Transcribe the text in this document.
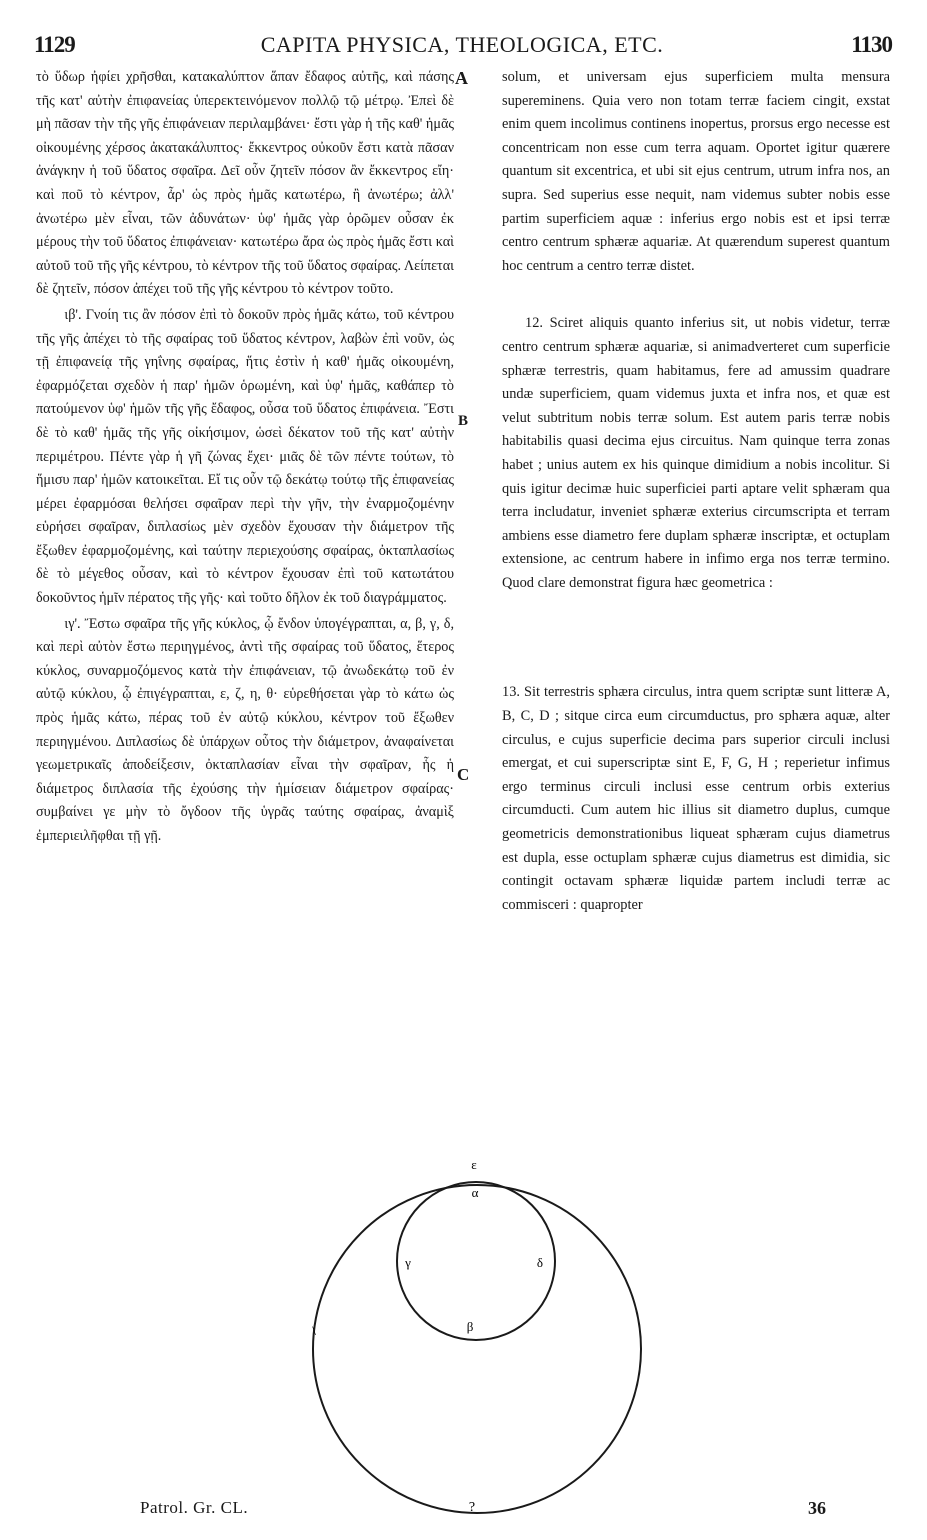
1129	CAPITA PHYSICA, THEOLOGICA, ETC.	1130

τὸ ὕδωρ ἠφίει χρῆσθαι, κατακαλύπτον ἅπαν ἔδαφος αὐτῆς, καὶ πάσης τῆς κατ' αὐτὴν ἐπιφανείας ὑπερεκτεινόμενον πολλῷ τῷ μέτρῳ. Ἐπεὶ δὲ μὴ πᾶσαν τὴν τῆς γῆς ἐπιφάνειαν περιλαμβάνει· ἔστι γὰρ ἡ τῆς καθ' ἡμᾶς οἰκουμένης χέρσος ἀκατακάλυπτος· ἔκκεντρος οὐκοῦν ἔστι κατὰ πᾶσαν ἀνάγκην ἡ τοῦ ὕδατος σφαῖρα. Δεῖ οὖν ζητεῖν πόσον ἂν ἔκκεντρος εἴη· καὶ ποῦ τὸ κέντρον, ἆρ' ὡς πρὸς ἡμᾶς κατωτέρω, ἢ ἀνωτέρω; ἀλλ' ἀνωτέρω μὲν εἶναι, τῶν ἀδυνάτων· ὑφ' ἡμᾶς γὰρ ὁρῶμεν οὖσαν ἐκ μέρους τὴν τοῦ ὕδατος ἐπιφάνειαν· κατωτέρω ἄρα ὡς πρὸς ἡμᾶς ἔστι καὶ αὐτοῦ τοῦ τῆς γῆς κέντρου, τὸ κέντρον τῆς τοῦ ὕδατος σφαίρας. Λείπεται δὲ ζητεῖν, πόσον ἀπέχει τοῦ τῆς γῆς κέντρου τὸ κέντρον τοῦτο.

ιβ'. Γνοίη τις ἂν πόσον ἐπὶ τὸ δοκοῦν πρὸς ἡμᾶς κάτω, τοῦ κέντρου τῆς γῆς ἀπέχει τὸ τῆς σφαίρας τοῦ ὕδατος κέντρον, λαβὼν ἐπὶ νοῦν, ὡς τῇ ἐπιφανείᾳ τῆς γηΐνης σφαίρας, ἥτις ἐστὶν ἡ καθ' ἡμᾶς οἰκουμένη, ἐφαρμόζεται σχεδὸν ἡ παρ' ἡμῶν ὁρωμένη, καὶ ὑφ' ἡμᾶς, καθάπερ τὸ πατούμενον ὑφ' ἡμῶν τῆς γῆς ἔδαφος, οὖσα τοῦ ὕδατος ἐπιφάνεια. Ἔστι δὲ τὸ καθ' ἡμᾶς τῆς γῆς οἰκήσιμον, ὡσεὶ δέκατον τοῦ τῆς κατ' αὐτὴν περιμέτρου. Πέντε γὰρ ἡ γῆ ζώνας ἔχει· μιᾶς δὲ τῶν πέντε τούτων, τὸ ἥμισυ παρ' ἡμῶν κατοικεῖται. Εἴ τις οὖν τῷ δεκάτῳ τούτῳ τῆς ἐπιφανείας μέρει ἐφαρμόσαι θελήσει σφαῖραν περὶ τὴν γῆν, τὴν ἐναρμοζομένην εὑρήσει σφαῖραν, διπλασίως μὲν σχεδὸν ἔχουσαν τὴν διάμετρον τῆς ἔξωθεν ἐφαρμοζομένης, καὶ ταύτην περιεχούσης σφαίρας, ὀκταπλασίως δὲ τὸ μέγεθος οὖσαν, καὶ τὸ κέντρον ἔχουσαν ἐπὶ τοῦ κατωτάτου δοκοῦντος ἡμῖν πέρατος τῆς γῆς· καὶ τοῦτο δῆλον ἐκ τοῦ διαγράμματος.

ιγ'. Ἔστω σφαῖρα τῆς γῆς κύκλος, ᾧ ἔνδον ὑπογέγραπται, α, β, γ, δ, καὶ περὶ αὐτὸν ἔστω περιηγμένος, ἀντὶ τῆς σφαίρας τοῦ ὕδατος, ἕτερος κύκλος, συναρμοζόμενος κατὰ τὴν ἐπιφάνειαν, τῷ ἀνωδεκάτῳ τοῦ ἐν αὐτῷ κύκλου, ᾧ ἐπιγέγραπται, ε, ζ, η, θ· εὑρεθήσεται γὰρ τὸ κάτω ὡς πρὸς ἡμᾶς κάτω, πέρας τοῦ ἐν αὐτῷ κύκλου, κέντρον τοῦ ἔξωθεν περιηγμένου. Διπλασίως δὲ ὑπάρχων οὗτος τὴν διάμετρον, ἀναφαίνεται γεωμετρικαῖς ἀποδείξεσιν, ὀκταπλασίαν εἶναι τὴν σφαῖραν, ἧς ἡ διάμετρος διπλασία τῆς ἐχούσης τὴν ἡμίσειαν διάμετρον σφαίρας· συμβαίνει γε μὴν τὸ ὄγδοον τῆς ὑγρᾶς ταύτης σφαίρας, ἀναμὶξ ἐμπεριειλῆφθαι τῇ γῇ.

A
B
C

solum, et universam ejus superficiem multa mensura supereminens. Quia vero non totam terræ faciem cingit, exstat enim quem incolimus continens inopertus, prorsus ergo necesse est concentricam non esse cum terra aquam. Oportet igitur quærere quantum sit excentrica, et ubi sit ejus centrum, utrum infra nos, an supra. Sed superius esse nequit, nam videmus subter nobis esse partim superficiem aquæ : inferius ergo nobis est et ipsi terræ centro centrum sphæræ aquariæ. At quærendum superest quantum hoc centrum a centro terræ distet.

12. Sciret aliquis quanto inferius sit, ut nobis videtur, terræ centro centrum sphæræ aquariæ, si animadverteret cum superficie sphæræ terrestris, quam habitamus, fere ad amussim quadrare undæ superficiem, quam videmus juxta et infra nos, et quæ est velut subtritum nobis terræ solum. Est autem paris terræ nobis habitabilis quasi decima ejus circuitus. Nam quinque terra zonas habet ; unius autem ex his quinque dimidium a nobis incolitur. Si quis igitur decimæ huic superficiei parti aptare velit sphæram qua terra includatur, inveniet sphæræ exterius circumscripta et terram ambiens esse diametro fere duplam sphæræ inscriptæ, et octuplam extensione, ac centrum habere in infimo erga nos terræ termino. Quod clare demonstrat figura hæc geometrica :

13. Sit terrestris sphæra circulus, intra quem scriptæ sunt litteræ A, B, C, D ; sitque circa eum circumductus, pro sphæra aquæ, alter circulus, e cujus superficie decima pars superior circuli inclusi emergat, et cui superscriptæ sint E, F, G, H ; reperietur infimus ergo terminus circuli inclusi esse centrum orbis exterius circumducti. Cum autem hic illius sit diametro duplus, cumque geometricis demonstrationibus liqueat sphæram cujus diametrus est dupla, esse octuplam sphæræ cujus diametrus est dimidia, sic contingit octavam sphæræ liquidæ partem includi terræ ac commisceri : quapropter

ε
\
?
α
γ	δ
β
Patrol. Gr. CL.	36
